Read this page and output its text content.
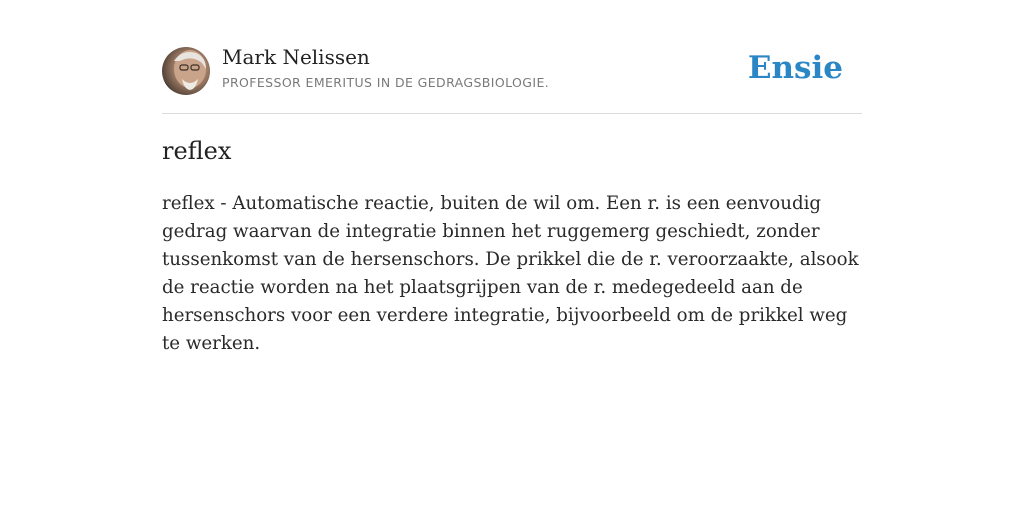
Mark Nelissen
PROFESSOR EMERITUS IN DE GEDRAGSBIOLOGIE.	Ensie
reflex

reflex - Automatische reactie, buiten de wil om. Een r. is een eenvoudig gedrag waarvan de integratie binnen het ruggemerg geschiedt, zonder tussenkomst van de hersenschors. De prikkel die de r. veroorzaakte, alsook de reactie worden na het plaatsgrijpen van de r. medegedeeld aan de hersenschors voor een verdere integratie, bijvoorbeeld om de prikkel weg te werken.
